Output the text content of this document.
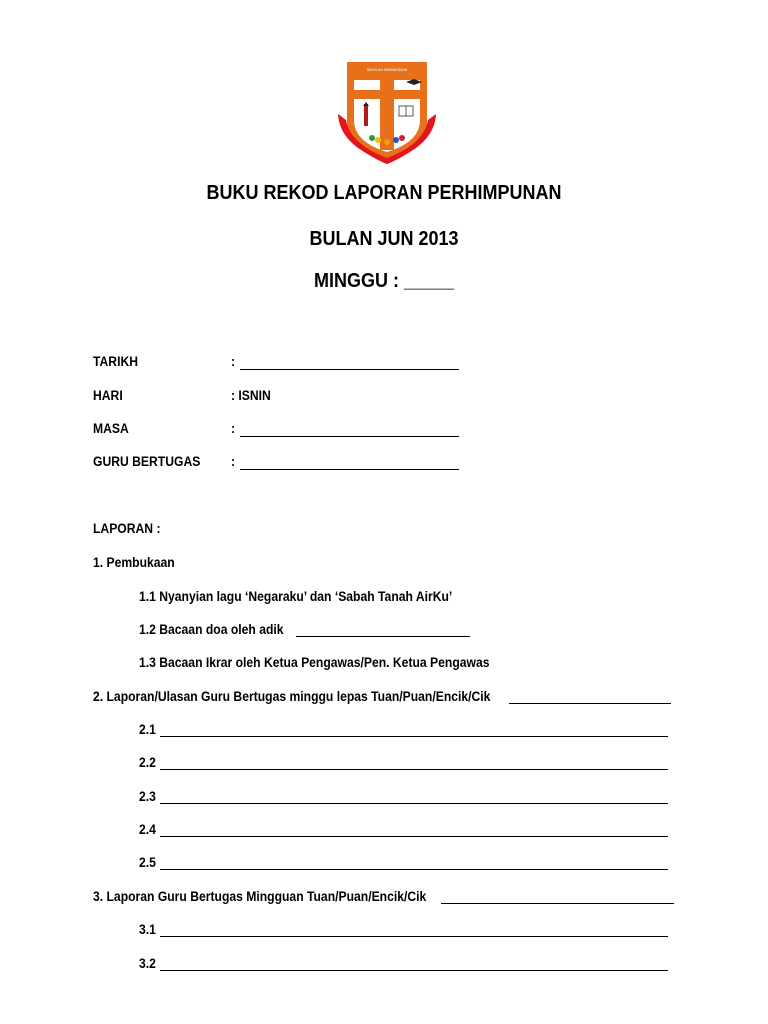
SEKOLAH KEBANGSAAN
BUKU REKOD LAPORAN PERHIMPUNAN
BULAN JUN 2013
MINGGU : _____
TARIKH	:
HARI	: ISNIN
MASA	:
GURU BERTUGAS :
LAPORAN :
1. Pembukaan
1.1 Nyanyian lagu ‘Negaraku’ dan ‘Sabah Tanah AirKu’
1.2 Bacaan doa oleh adik
1.3 Bacaan Ikrar oleh Ketua Pengawas/Pen. Ketua Pengawas
2. Laporan/Ulasan Guru Bertugas minggu lepas Tuan/Puan/Encik/Cik
2.1
2.2
2.3
2.4
2.5
3. Laporan Guru Bertugas Mingguan Tuan/Puan/Encik/Cik
3.1
3.2
